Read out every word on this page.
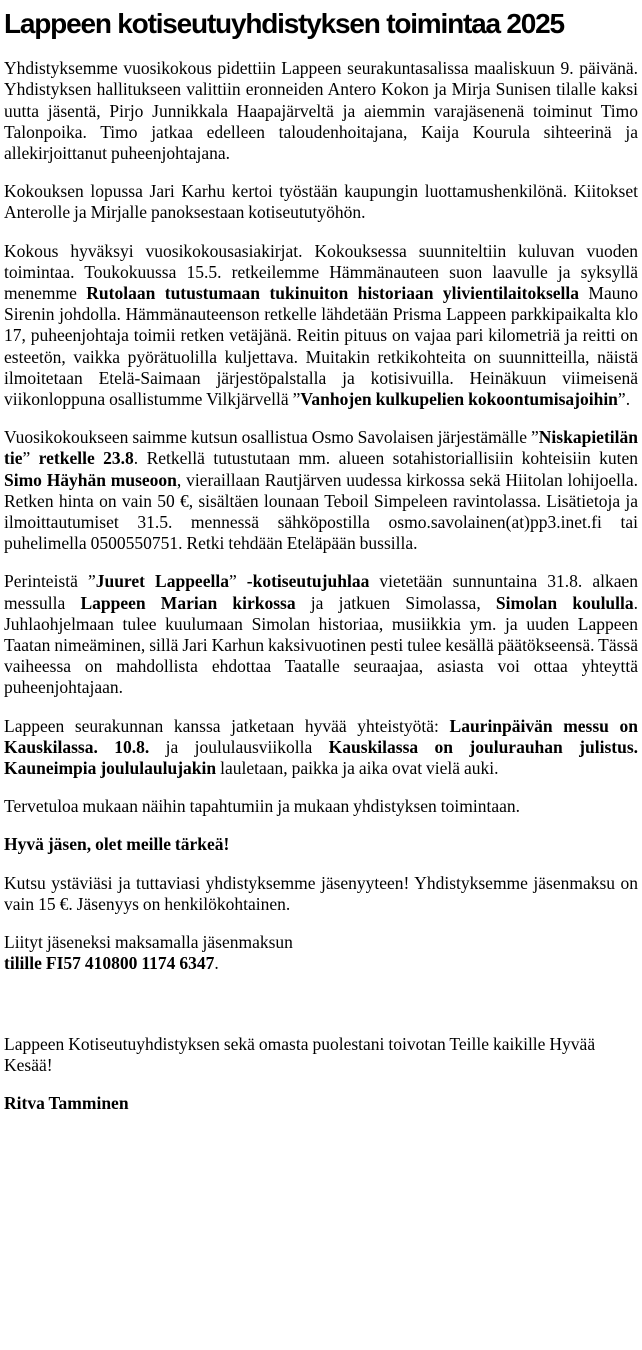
Lappeen kotiseutuyhdistyksen toimintaa 2025

Yhdistyksemme vuosikokous pidettiin Lappeen seurakuntasalissa maaliskuun 9. päivänä. Yhdistyksen hallitukseen valittiin eronneiden Antero Kokon ja Mirja Sunisen tilalle kaksi uutta jäsentä, Pirjo Junnikkala Haapajärveltä ja aiemmin varajäsenenä toiminut Timo Talonpoika. Timo jatkaa edelleen taloudenhoitajana, Kaija Kourula sihteerinä ja allekirjoittanut puheenjohtajana.

Kokouksen lopussa Jari Karhu kertoi työstään kaupungin luottamushenkilönä. Kiitokset Anterolle ja Mirjalle panoksestaan kotiseututyöhön.

Kokous hyväksyi vuosikokousasiakirjat. Kokouksessa suunniteltiin kuluvan vuoden toimintaa. Toukokuussa 15.5. retkeilemme Hämmänauteen suon laavulle ja syksyllä menemme Rutolaan tutustumaan tukinuiton historiaan ylivientilaitoksella Mauno Sirenin johdolla. Hämmänauteenson retkelle lähdetään Prisma Lappeen parkkipaikalta klo 17, puheenjohtaja toimii retken vetäjänä. Reitin pituus on vajaa pari kilometriä ja reitti on esteetön, vaikka pyörätuolilla kuljettava. Muitakin retkikohteita on suunnitteilla, näistä ilmoitetaan Etelä-Saimaan järjestöpalstalla ja kotisivuilla. Heinäkuun viimeisenä viikonloppuna osallistumme Vilkjärvellä ”Vanhojen kulkupelien kokoontumisajoihin”.

Vuosikokoukseen saimme kutsun osallistua Osmo Savolaisen järjestämälle ”Niskapietilän tie” retkelle 23.8. Retkellä tutustutaan mm. alueen sotahistoriallisiin kohteisiin kuten Simo Häyhän museoon, vieraillaan Rautjärven uudessa kirkossa sekä Hiitolan lohijoella. Retken hinta on vain 50 €, sisältäen lounaan Teboil Simpeleen ravintolassa. Lisätietoja ja ilmoittautumiset 31.5. mennessä sähköpostilla osmo.savolainen(at)pp3.inet.fi tai puhelimella 0500550751. Retki tehdään Eteläpään bussilla.

Perinteistä ”Juuret Lappeella” -kotiseutujuhlaa vietetään sunnuntaina 31.8. alkaen messulla Lappeen Marian kirkossa ja jatkuen Simolassa, Simolan koululla. Juhlaohjelmaan tulee kuulumaan Simolan historiaa, musiikkia ym. ja uuden Lappeen Taatan nimeäminen, sillä Jari Karhun kaksivuotinen pesti tulee kesällä päätökseensä. Tässä vaiheessa on mahdollista ehdottaa Taatalle seuraajaa, asiasta voi ottaa yhteyttä puheenjohtajaan.

Lappeen seurakunnan kanssa jatketaan hyvää yhteistyötä: Laurinpäivän messu on Kauskilassa. 10.8. ja joululausviikolla Kauskilassa on joulurauhan julistus. Kauneimpia joululaulujakin lauletaan, paikka ja aika ovat vielä auki.

Tervetuloa mukaan näihin tapahtumiin ja mukaan yhdistyksen toimintaan.

Hyvä jäsen, olet meille tärkeä!

Kutsu ystäviäsi ja tuttaviasi yhdistyksemme jäsenyyteen! Yhdistyksemme jäsenmaksu on vain 15 €. Jäsenyys on henkilökohtainen.

Liityt jäseneksi maksamalla jäsenmaksun
tilille FI57 410800 1174 6347.

Lappeen Kotiseutuyhdistyksen sekä omasta puolestani toivotan Teille kaikille Hyvää Kesää!

Ritva Tamminen
